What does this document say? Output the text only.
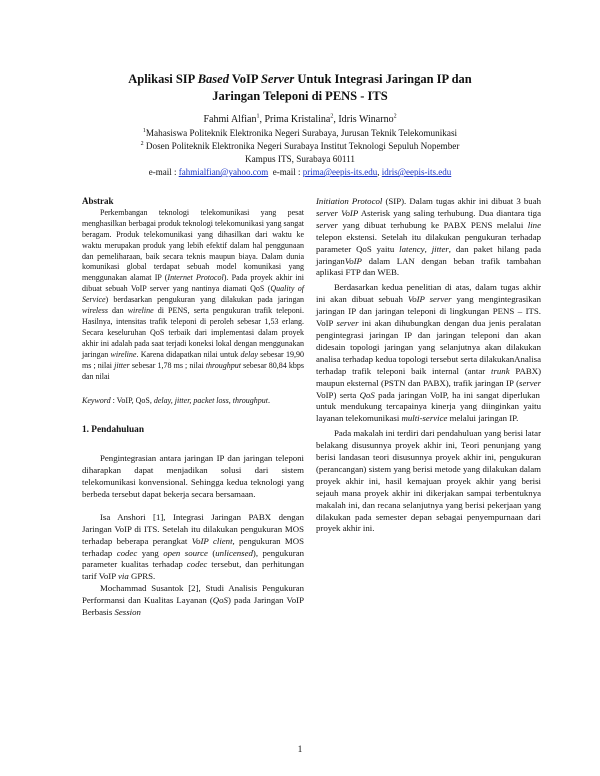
Aplikasi SIP Based VoIP Server Untuk Integrasi Jaringan IP dan
Jaringan Teleponi di PENS - ITS
Fahmi Alfian$^1$, Prima Kristalina$^2$, Idris Winarno$^2$
$^1$Mahasiswa Politeknik Elektronika Negeri Surabaya, Jurusan Teknik Telekomunikasi
$^2$ Dosen Politeknik Elektronika Negeri Surabaya Institut Teknologi Sepuluh Nopember
Kampus ITS, Surabaya 60111
e-mail : fahmialfian@yahoo.com e-mail : prima@eepis-its.edu, idris@eepis-its.edu

Abstrak

Perkembangan teknologi telekomunikasi yang pesat menghasilkan berbagai produk teknologi telekomunikasi yang sangat beragam. Produk telekomunikasi yang dihasilkan dari waktu ke waktu merupakan produk yang lebih efektif dalam hal penggunaan dan pemeliharaan, baik secara teknis maupun biaya. Dalam dunia komunikasi global terdapat sebuah model komunikasi yang menggunakan alamat IP (Internet Protocol). Pada proyek akhir ini dibuat sebuah VoIP server yang nantinya diamati QoS (Quality of Service) berdasarkan pengukuran yang dilakukan pada jaringan wireless dan wireline di PENS, serta pengukuran trafik teleponi. Hasilnya, intensitas trafik teleponi di peroleh sebesar 1,53 erlang. Secara keseluruhan QoS terbaik dari implementasi dalam proyek akhir ini adalah pada saat terjadi koneksi lokal dengan menggunakan jaringan wireline. Karena didapatkan nilai untuk delay sebesar 19,90 ms ; nilai jitter sebesar 1,78 ms ; nilai throughput sebesar 80,84 kbps dan nilai

Keyword : VoIP, QoS, delay, jitter, packet loss, throughput.

1. Pendahuluan

Pengintegrasian antara jaringan IP dan jaringan teleponi diharapkan dapat menjadikan solusi dari sistem telekomunikasi konvensional. Sehingga kedua teknologi yang berbeda tersebut dapat bekerja secara bersamaan.

Isa Anshori [1], Integrasi Jaringan PABX dengan Jaringan VoIP di ITS. Setelah itu dilakukan pengukuran MOS terhadap beberapa perangkat VoIP client, pengukuran MOS terhadap codec yang open source (unlicensed), pengukuran parameter kualitas terhadap codec tersebut, dan perhitungan tarif VoIP via GPRS.

Mochammad Susantok [2], Studi Analisis Pengukuran Performansi dan Kualitas Layanan (QoS) pada Jaringan VoIP Berbasis Session

Initiation Protocol (SIP). Dalam tugas akhir ini dibuat 3 buah server VoIP Asterisk yang saling terhubung. Dua diantara tiga server yang dibuat terhubung ke PABX PENS melalui line telepon ekstensi. Setelah itu dilakukan pengukuran terhadap parameter QoS yaitu latency, jitter, dan paket hilang pada jaringanVoIP dalam LAN dengan beban trafik tambahan aplikasi FTP dan WEB.

Berdasarkan kedua penelitian di atas, dalam tugas akhir ini akan dibuat sebuah VoIP server yang mengintegrasikan jaringan IP dan jaringan teleponi di lingkungan PENS – ITS. VoIP server ini akan dihubungkan dengan dua jenis peralatan pengintegrasi jaringan IP dan jaringan teleponi dan akan didesain topologi jaringan yang selanjutnya akan dilakukan analisa terhadap kedua topologi tersebut serta dilakukanAnalisa terhadap trafik teleponi baik internal (antar trunk PABX) maupun eksternal (PSTN dan PABX), trafik jaringan IP (server VoIP) serta QoS pada jaringan VoIP, ha ini sangat diperlukan untuk mendukung tercapainya kinerja yang diinginkan yaitu layanan telekomunikasi multi-service melalui jaringan IP.

Pada makalah ini terdiri dari pendahuluan yang berisi latar belakang disusunnya proyek akhir ini, Teori penunjang yang berisi landasan teori disusunnya proyek akhir ini, pengukuran (perancangan) sistem yang berisi metode yang dilakukan dalam proyek akhir ini, hasil kemajuan proyek akhir yang berisi sejauh mana proyek akhir ini dikerjakan sampai terbentuknya makalah ini, dan recana selanjutnya yang berisi pekerjaan yang dilakukan pada semester depan sebagai penyempurnaan dari proyek akhir ini.

1
